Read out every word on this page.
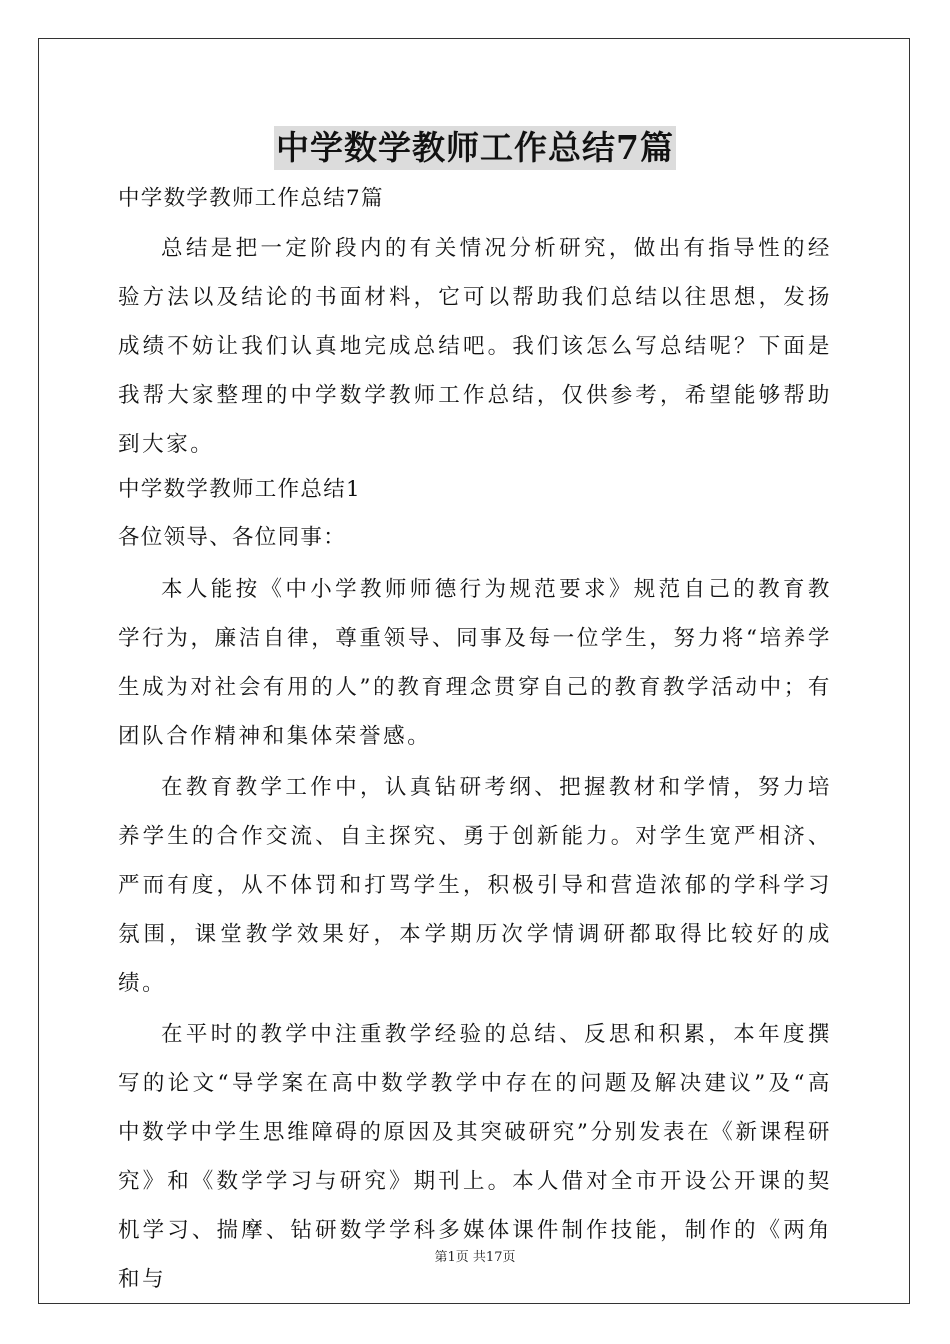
中学数学教师工作总结7篇

中学数学教师工作总结7篇

总结是把一定阶段内的有关情况分析研究，做出有指导性的经验方法以及结论的书面材料，它可以帮助我们总结以往思想，发扬成绩不妨让我们认真地完成总结吧。我们该怎么写总结呢？下面是我帮大家整理的中学数学教师工作总结，仅供参考，希望能够帮助到大家。

中学数学教师工作总结1

各位领导、各位同事：

本人能按《中小学教师师德行为规范要求》规范自己的教育教学行为，廉洁自律，尊重领导、同事及每一位学生，努力将“培养学生成为对社会有用的人”的教育理念贯穿自己的教育教学活动中；有团队合作精神和集体荣誉感。

在教育教学工作中，认真钻研考纲、把握教材和学情，努力培养学生的合作交流、自主探究、勇于创新能力。对学生宽严相济、严而有度，从不体罚和打骂学生，积极引导和营造浓郁的学科学习氛围，课堂教学效果好，本学期历次学情调研都取得比较好的成绩。

在平时的教学中注重教学经验的总结、反思和积累，本年度撰写的论文“导学案在高中数学教学中存在的问题及解决建议”及“高中数学中学生思维障碍的原因及其突破研究”分别发表在《新课程研究》和《数学学习与研究》期刊上。本人借对全市开设公开课的契机学习、揣摩、钻研数学学科多媒体课件制作技能，制作的《两角和与

第1页 共17页
